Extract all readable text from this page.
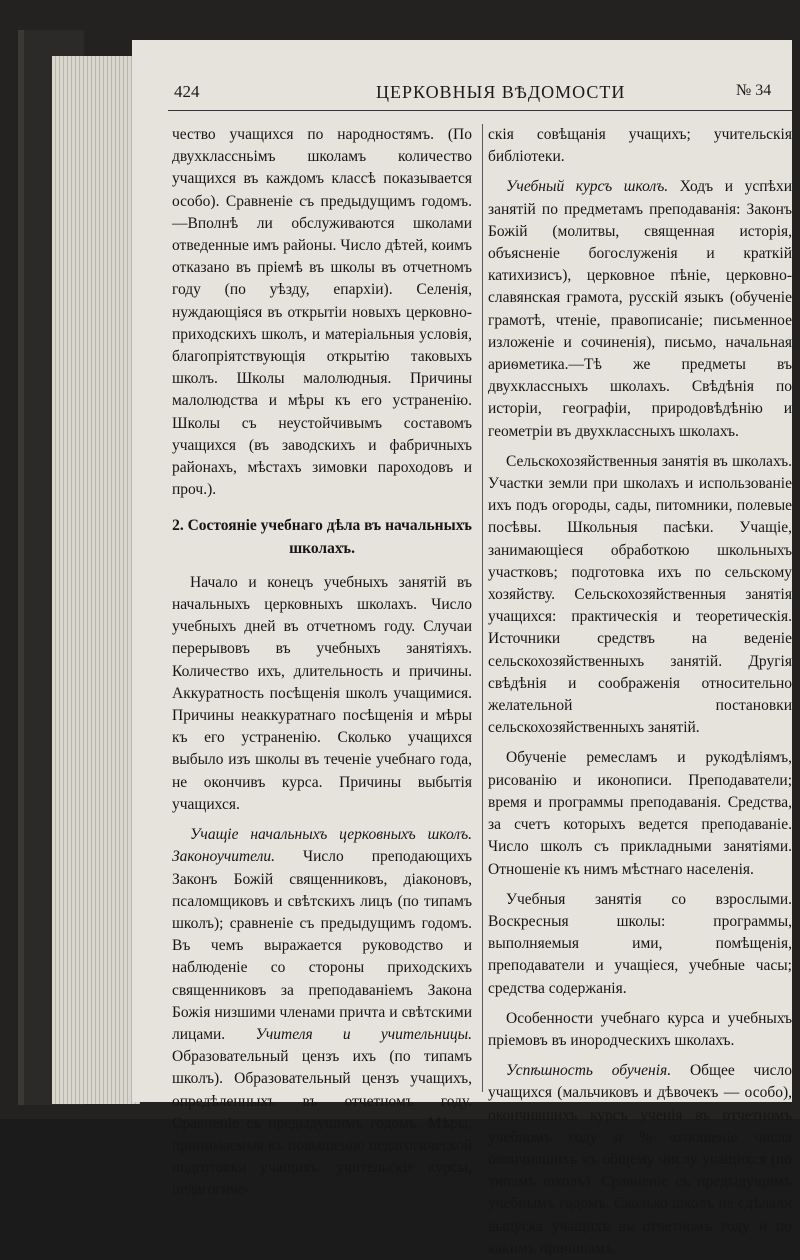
424	ЦЕРКОВНЫЯ ВѢДОМОСТИ	№ 34

чество учащихся по народностямъ. (По двухклассньімъ школамъ количество учащихся въ каждомъ классѣ показывается особо). Сравненіе съ предыдущимъ годомъ.—Вполнѣ ли обслуживаются школами отведенные имъ районы. Число дѣтей, коимъ отказано въ пріемѣ въ школы въ отчетномъ году (по уѣзду, епархіи). Селенія, нуждающіяся въ открытіи новыхъ церковно-приходскихъ школъ, и матеріальныя условія, благопріятствующія открытію таковыхъ школъ. Школы малолюдныя. Причины малолюдства и мѣры къ его устраненію. Школы съ неустойчивымъ составомъ учащихся (въ заводскихъ и фабричныхъ районахъ, мѣстахъ зимовки пароходовъ и проч.).

2. Состояніе учебнаго дѣла въ начальныхъ школахъ.

Начало и конецъ учебныхъ занятій въ начальныхъ церковныхъ школахъ. Число учебныхъ дней въ отчетномъ году. Случаи перерывовъ въ учебныхъ занятіяхъ. Количество ихъ, длительность и причины. Аккуратность посѣщенія школъ учащимися. Причины неаккуратнаго посѣщенія и мѣры къ его устраненію. Сколько учащихся выбыло изъ школы въ теченіе учебнаго года, не окончивъ курса. Причины выбытія учащихся.

Учащіе начальныхъ церковныхъ школъ. Законоучители. Число преподающихъ Законъ Божій священниковъ, діаконовъ, псаломщиковъ и свѣтскихъ лицъ (по типамъ школъ); сравненіе съ предыдущимъ годомъ. Въ чемъ выражается руководство и наблюденіе со стороны приходскихъ священниковъ за преподаваніемъ Закона Божія низшими членами причта и свѣтскими лицами. Учителя и учительницы. Образовательный цензъ ихъ (по типамъ школъ). Образовательный цензъ учащихъ, опредѣленныхъ въ отчетномъ году. Сравненіе съ предыдущимъ годомъ. Мѣры, принимаемыя къ повышенію педагогической подготовки учащихъ: учительскіе курсы, педагогиче-

скія совѣщанія учащихъ; учительскія библіотеки.

Учебный курсъ школъ. Ходъ и успѣхи занятій по предметамъ преподаванія: Законъ Божій (молитвы, священная исторія, объясненіе богослуженія и краткій катихизисъ), церковное пѣніе, церковно-славянская грамота, русскій языкъ (обученіе грамотѣ, чтеніе, правописаніе; письменное изложеніе и сочиненія), письмо, начальная ариѳметика.—Тѣ же предметы въ двухклассныхъ школахъ. Свѣдѣнія по исторіи, географіи, природовѣдѣнію и геометріи въ двухклассныхъ школахъ.

Сельскохозяйственныя занятія въ школахъ. Участки земли при школахъ и использованіе ихъ подъ огороды, сады, питомники, полевые посѣвы. Школьныя пасѣки. Учащіе, занимающіеся обработкою школьныхъ участковъ; подготовка ихъ по сельскому хозяйству. Сельскохозяйственныя занятія учащихся: практическія и теоретическія. Источники средствъ на веденіе сельскохозяйственныхъ занятій. Другія свѣдѣнія и соображенія относительно желательной постановки сельскохозяйственныхъ занятій.

Обученіе ремесламъ и рукодѣліямъ, рисованію и иконописи. Преподаватели; время и программы преподаванія. Средства, за счетъ которыхъ ведется преподаваніе. Число школъ съ прикладными занятіями. Отношеніе къ нимъ мѣстнаго населенія.

Учебныя занятія со взрослыми. Воскресныя школы: программы, выполняемыя ими, помѣщенія, преподаватели и учащіеся, учебные часы; средства содержанія.

Особенности учебнаго курса и учебныхъ пріемовъ въ инородческихъ школахъ.

Успѣшность обученія. Общее число учащихся (мальчиковъ и дѣвочекъ — особо), окончившихъ курсъ ученія въ отчетномъ учебномъ году и % отношеніе числа окончившихъ къ общему числу учащихся (по типамъ школъ). Сравненіе съ предыдущимъ учебнымъ годомъ. Сколько школъ не сдѣлали выпуска учащихъ въ отчетномъ году и по какимъ причинамъ.
